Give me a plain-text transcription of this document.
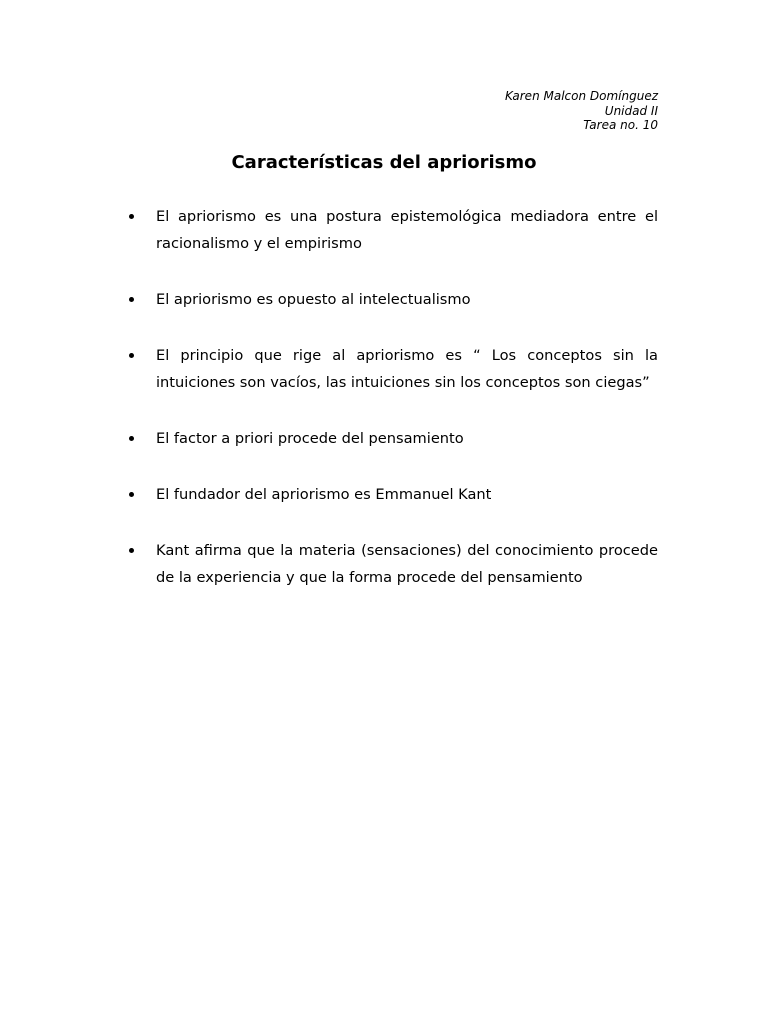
Karen Malcon Domínguez
Unidad II
Tarea no. 10
Características del apriorismo
El apriorismo es una postura epistemológica mediadora entre el racionalismo y el empirismo
El apriorismo es opuesto al intelectualismo
El principio que rige al apriorismo es “ Los conceptos sin la intuiciones son vacíos, las intuiciones sin los conceptos son ciegas”
El factor a priori procede del pensamiento
El fundador del apriorismo es Emmanuel Kant
Kant afirma que la materia (sensaciones) del conocimiento procede de la experiencia y que la forma procede del pensamiento
